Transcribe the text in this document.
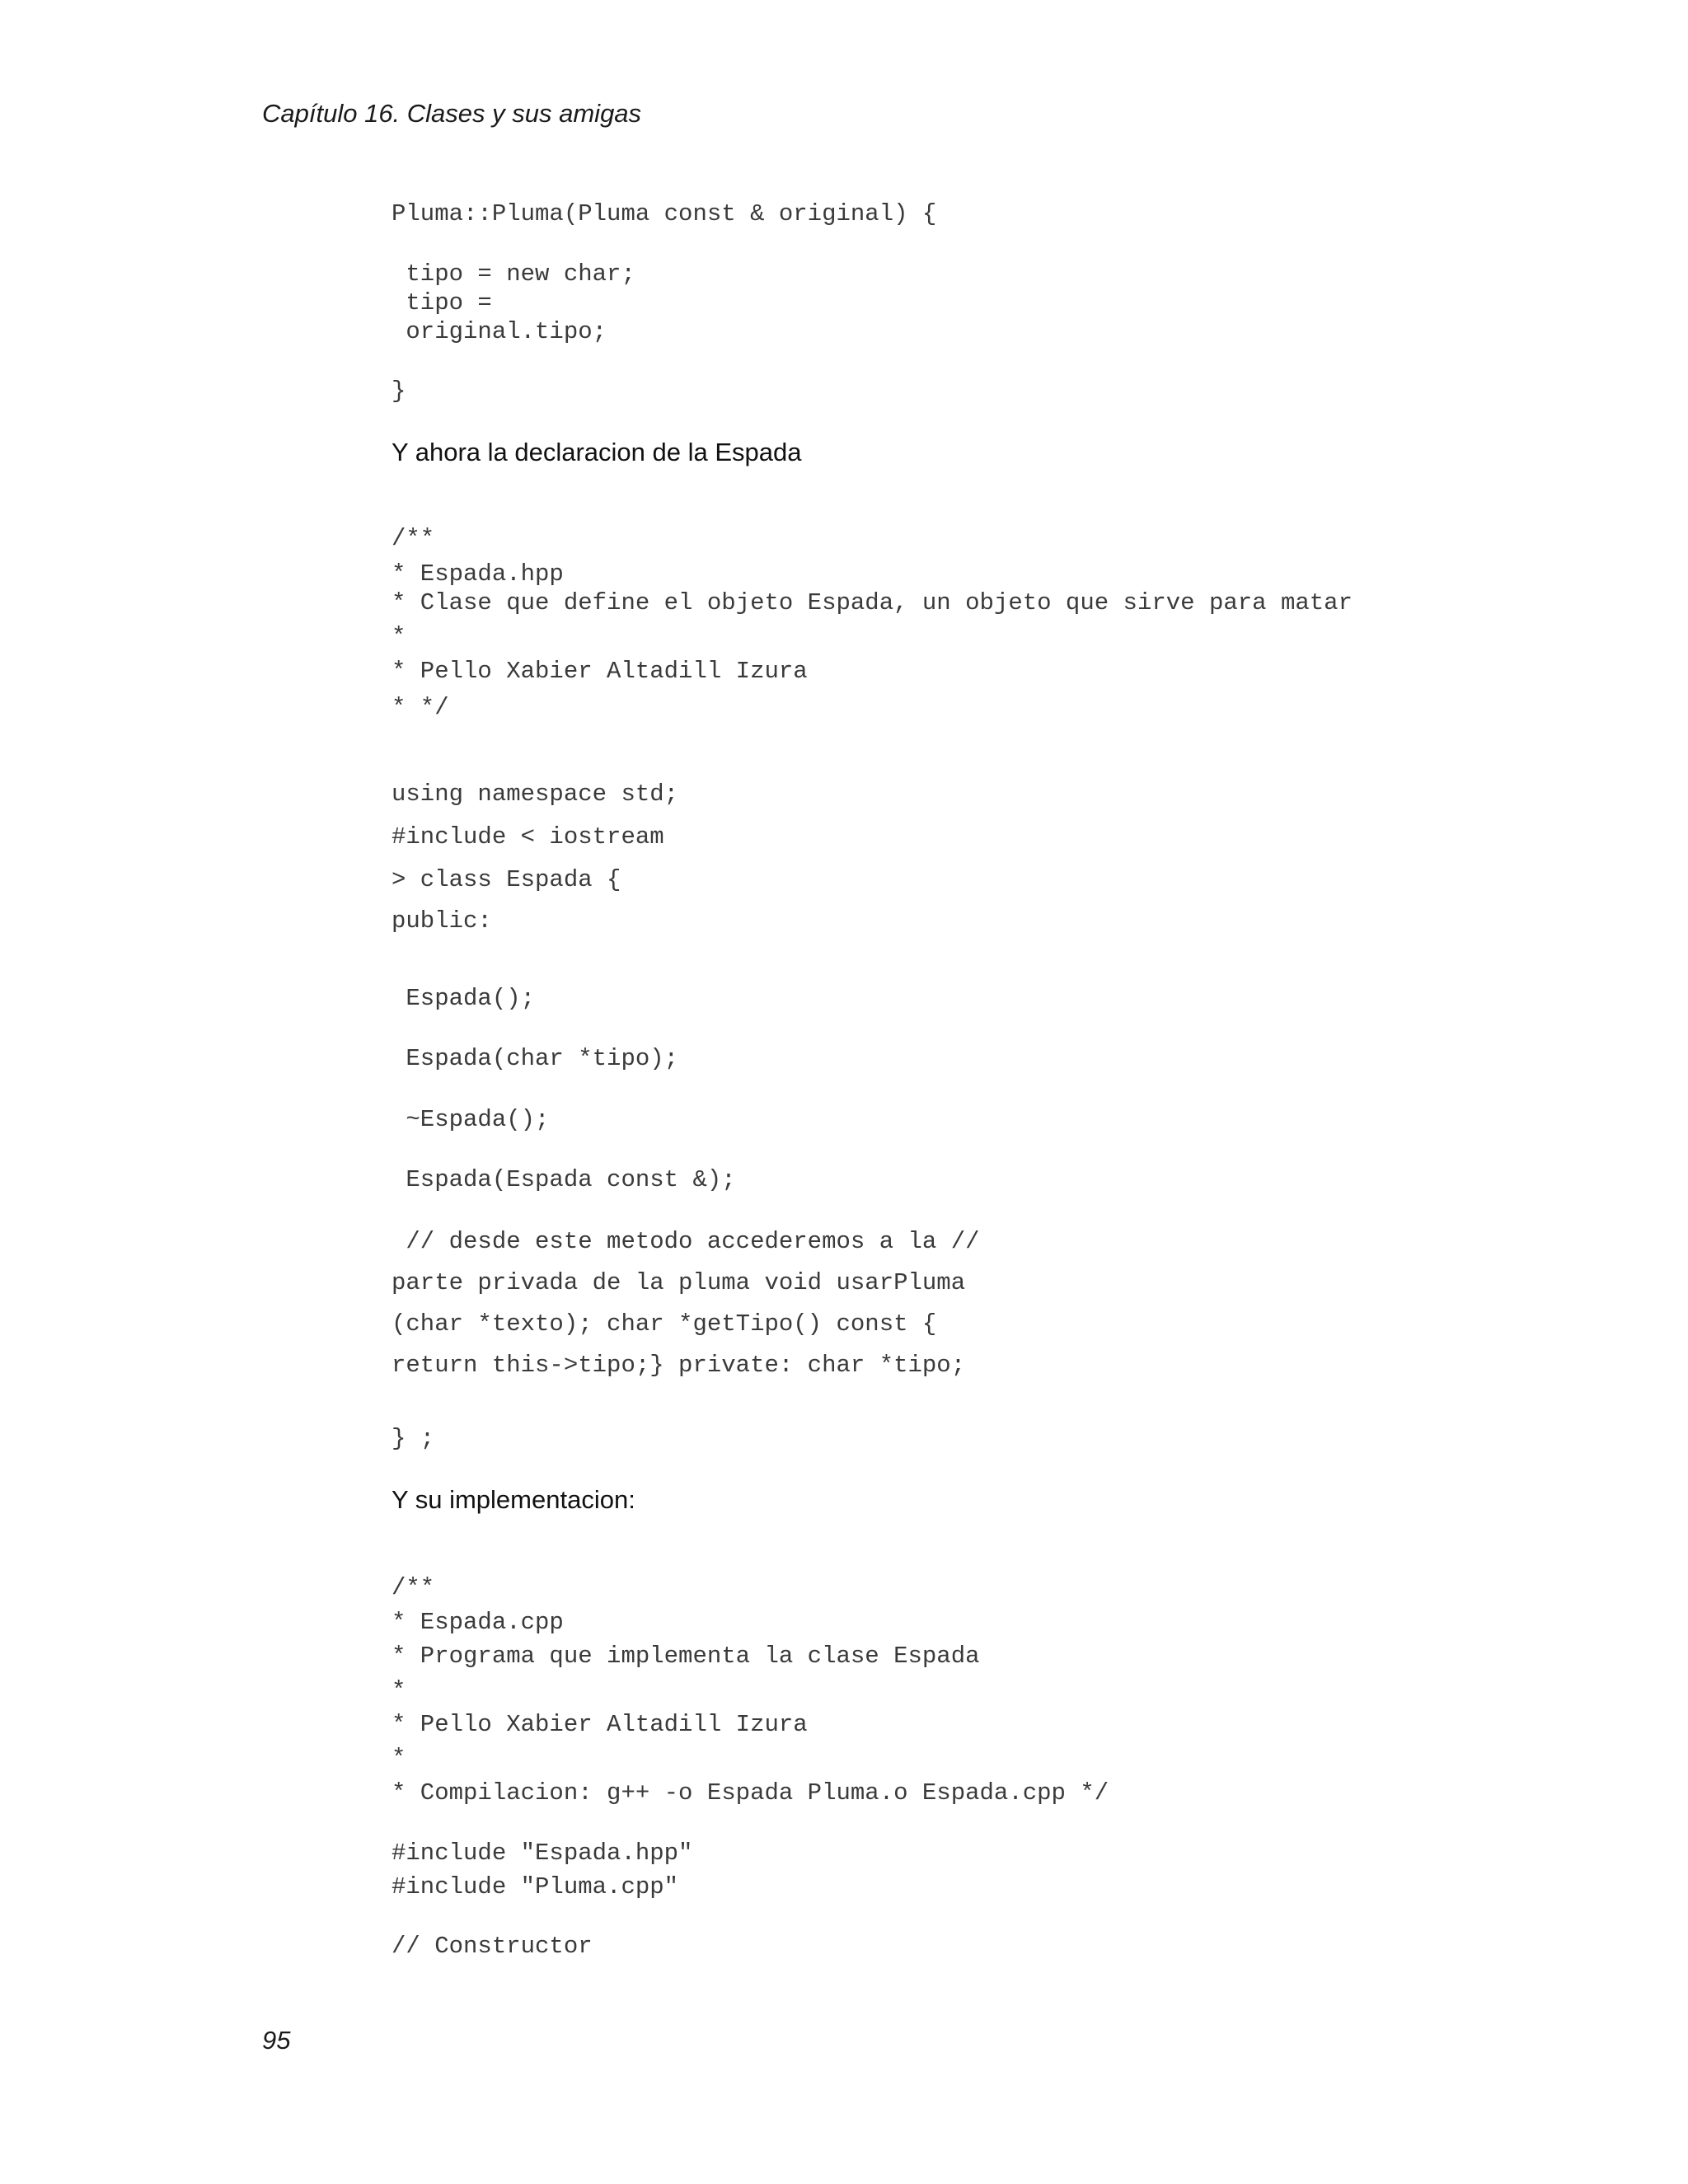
Capítulo 16. Clases y sus amigas
Pluma::Pluma(Pluma const & original) {
tipo = new char;
tipo =
original.tipo;
}
Y ahora la declaracion de la Espada
/**
* Espada.hpp
* Clase que define el objeto Espada, un objeto que sirve para matar
*
* Pello Xabier Altadill Izura
* */
using namespace std;
#include < iostream
> class Espada {
public:
Espada();
Espada(char *tipo);
~Espada();
Espada(Espada const &);
// desde este metodo accederemos a la //
parte privada de la pluma void usarPluma
(char *texto); char *getTipo() const {
return this->tipo;} private: char *tipo;
} ;
Y su implementacion:
/**
* Espada.cpp
* Programa que implementa la clase Espada
*
* Pello Xabier Altadill Izura
*
* Compilacion: g++ -o Espada Pluma.o Espada.cpp */
#include "Espada.hpp"
#include "Pluma.cpp"
// Constructor
95
